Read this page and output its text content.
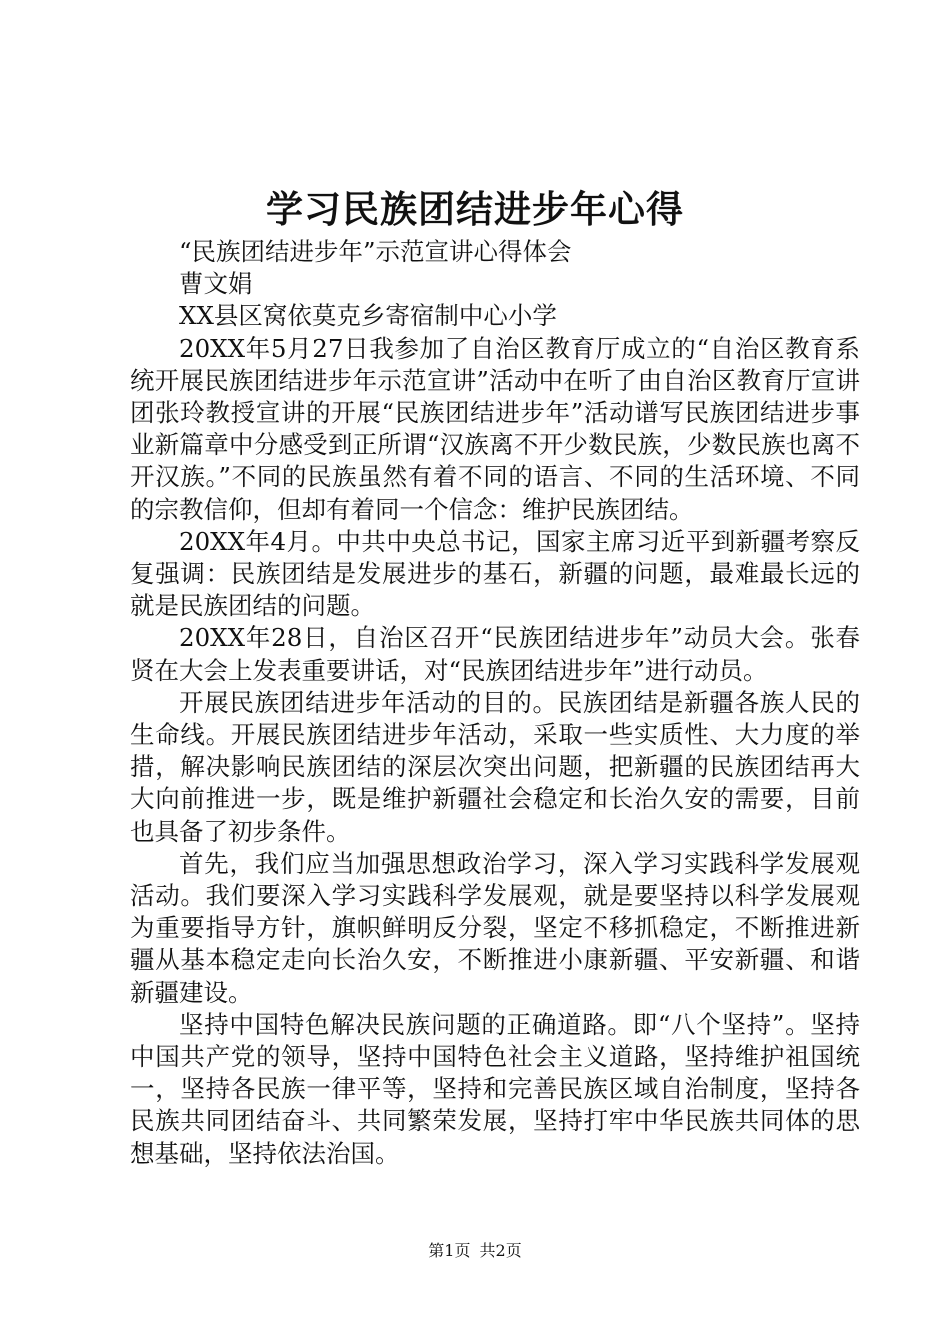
学习民族团结进步年心得

“民族团结进步年”示范宣讲心得体会

曹文娟

XX县区窝依莫克乡寄宿制中心小学

20XX年5月27日我参加了自治区教育厅成立的“自治区教育系统开展民族团结进步年示范宣讲”活动中在听了由自治区教育厅宣讲团张玲教授宣讲的开展“民族团结进步年”活动谱写民族团结进步事业新篇章中分感受到正所谓“汉族离不开少数民族，少数民族也离不开汉族。”不同的民族虽然有着不同的语言、不同的生活环境、不同的宗教信仰，但却有着同一个信念：维护民族团结。

20XX年4月。中共中央总书记，国家主席习近平到新疆考察反复强调：民族团结是发展进步的基石，新疆的问题，最难最长远的就是民族团结的问题。

20XX年28日，自治区召开“民族团结进步年”动员大会。张春贤在大会上发表重要讲话，对“民族团结进步年”进行动员。

开展民族团结进步年活动的目的。民族团结是新疆各族人民的生命线。开展民族团结进步年活动，采取一些实质性、大力度的举措，解决影响民族团结的深层次突出问题，把新疆的民族团结再大大向前推进一步，既是维护新疆社会稳定和长治久安的需要，目前也具备了初步条件。

首先，我们应当加强思想政治学习，深入学习实践科学发展观活动。我们要深入学习实践科学发展观，就是要坚持以科学发展观为重要指导方针，旗帜鲜明反分裂，坚定不移抓稳定，不断推进新疆从基本稳定走向长治久安，不断推进小康新疆、平安新疆、和谐新疆建设。

坚持中国特色解决民族问题的正确道路。即“八个坚持”。坚持中国共产党的领导，坚持中国特色社会主义道路，坚持维护祖国统一，坚持各民族一律平等，坚持和完善民族区域自治制度，坚持各民族共同团结奋斗、共同繁荣发展，坚持打牢中华民族共同体的思想基础，坚持依法治国。

第1页 共2页
